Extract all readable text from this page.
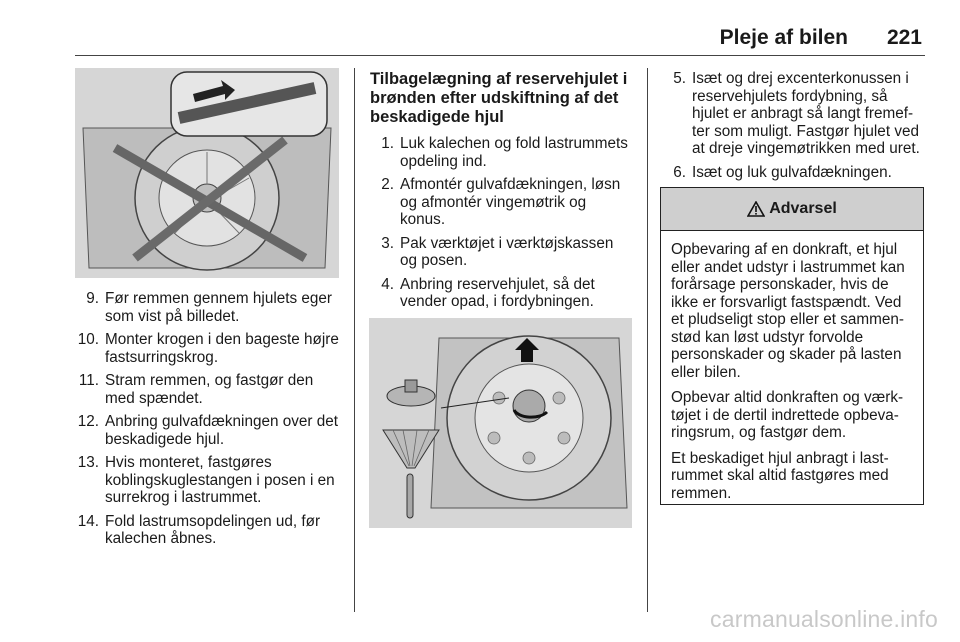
Pleje af bilen 221
9. Før remmen gennem hjulets eger som vist på billedet.
10. Monter krogen i den bageste højre fastsurringskrog.
11. Stram remmen, og fastgør den med spændet.
12. Anbring gulvafdækningen over det beskadigede hjul.
13. Hvis monteret, fastgøres koblingskuglestangen i posen i en surrekrog i lastrummet.
14. Fold lastrumsopdelingen ud, før kalechen åbnes.
Tilbagelægning af reservehjulet i brønden efter udskiftning af det beskadigede hjul
1. Luk kalechen og fold lastrummets opdeling ind.
2. Afmontér gulvafdækningen, løsn og afmontér vingemøtrik og konus.
3. Pak værktøjet i værktøjskassen og posen.
4. Anbring reservehjulet, så det vender opad, i fordybningen.
5. Isæt og drej excenterkonussen i reservehjulets fordybning, så hjulet er anbragt så langt fremef-ter som muligt. Fastgør hjulet ved at dreje vingemøtrikken med uret.
6. Isæt og luk gulvafdækningen.
Advarsel

Opbevaring af en donkraft, et hjul eller andet udstyr i lastrummet kan forårsage personskader, hvis de ikke er forsvarligt fastspændt. Ved et pludseligt stop eller et sammen-stød kan løst udstyr forvolde personskader og skader på lasten eller bilen.

Opbevar altid donkraften og værk-tøjet i de dertil indrettede opbeva-ringsrum, og fastgør dem.

Et beskadiget hjul anbragt i last-rummet skal altid fastgøres med remmen.

carmanualsonline.info
